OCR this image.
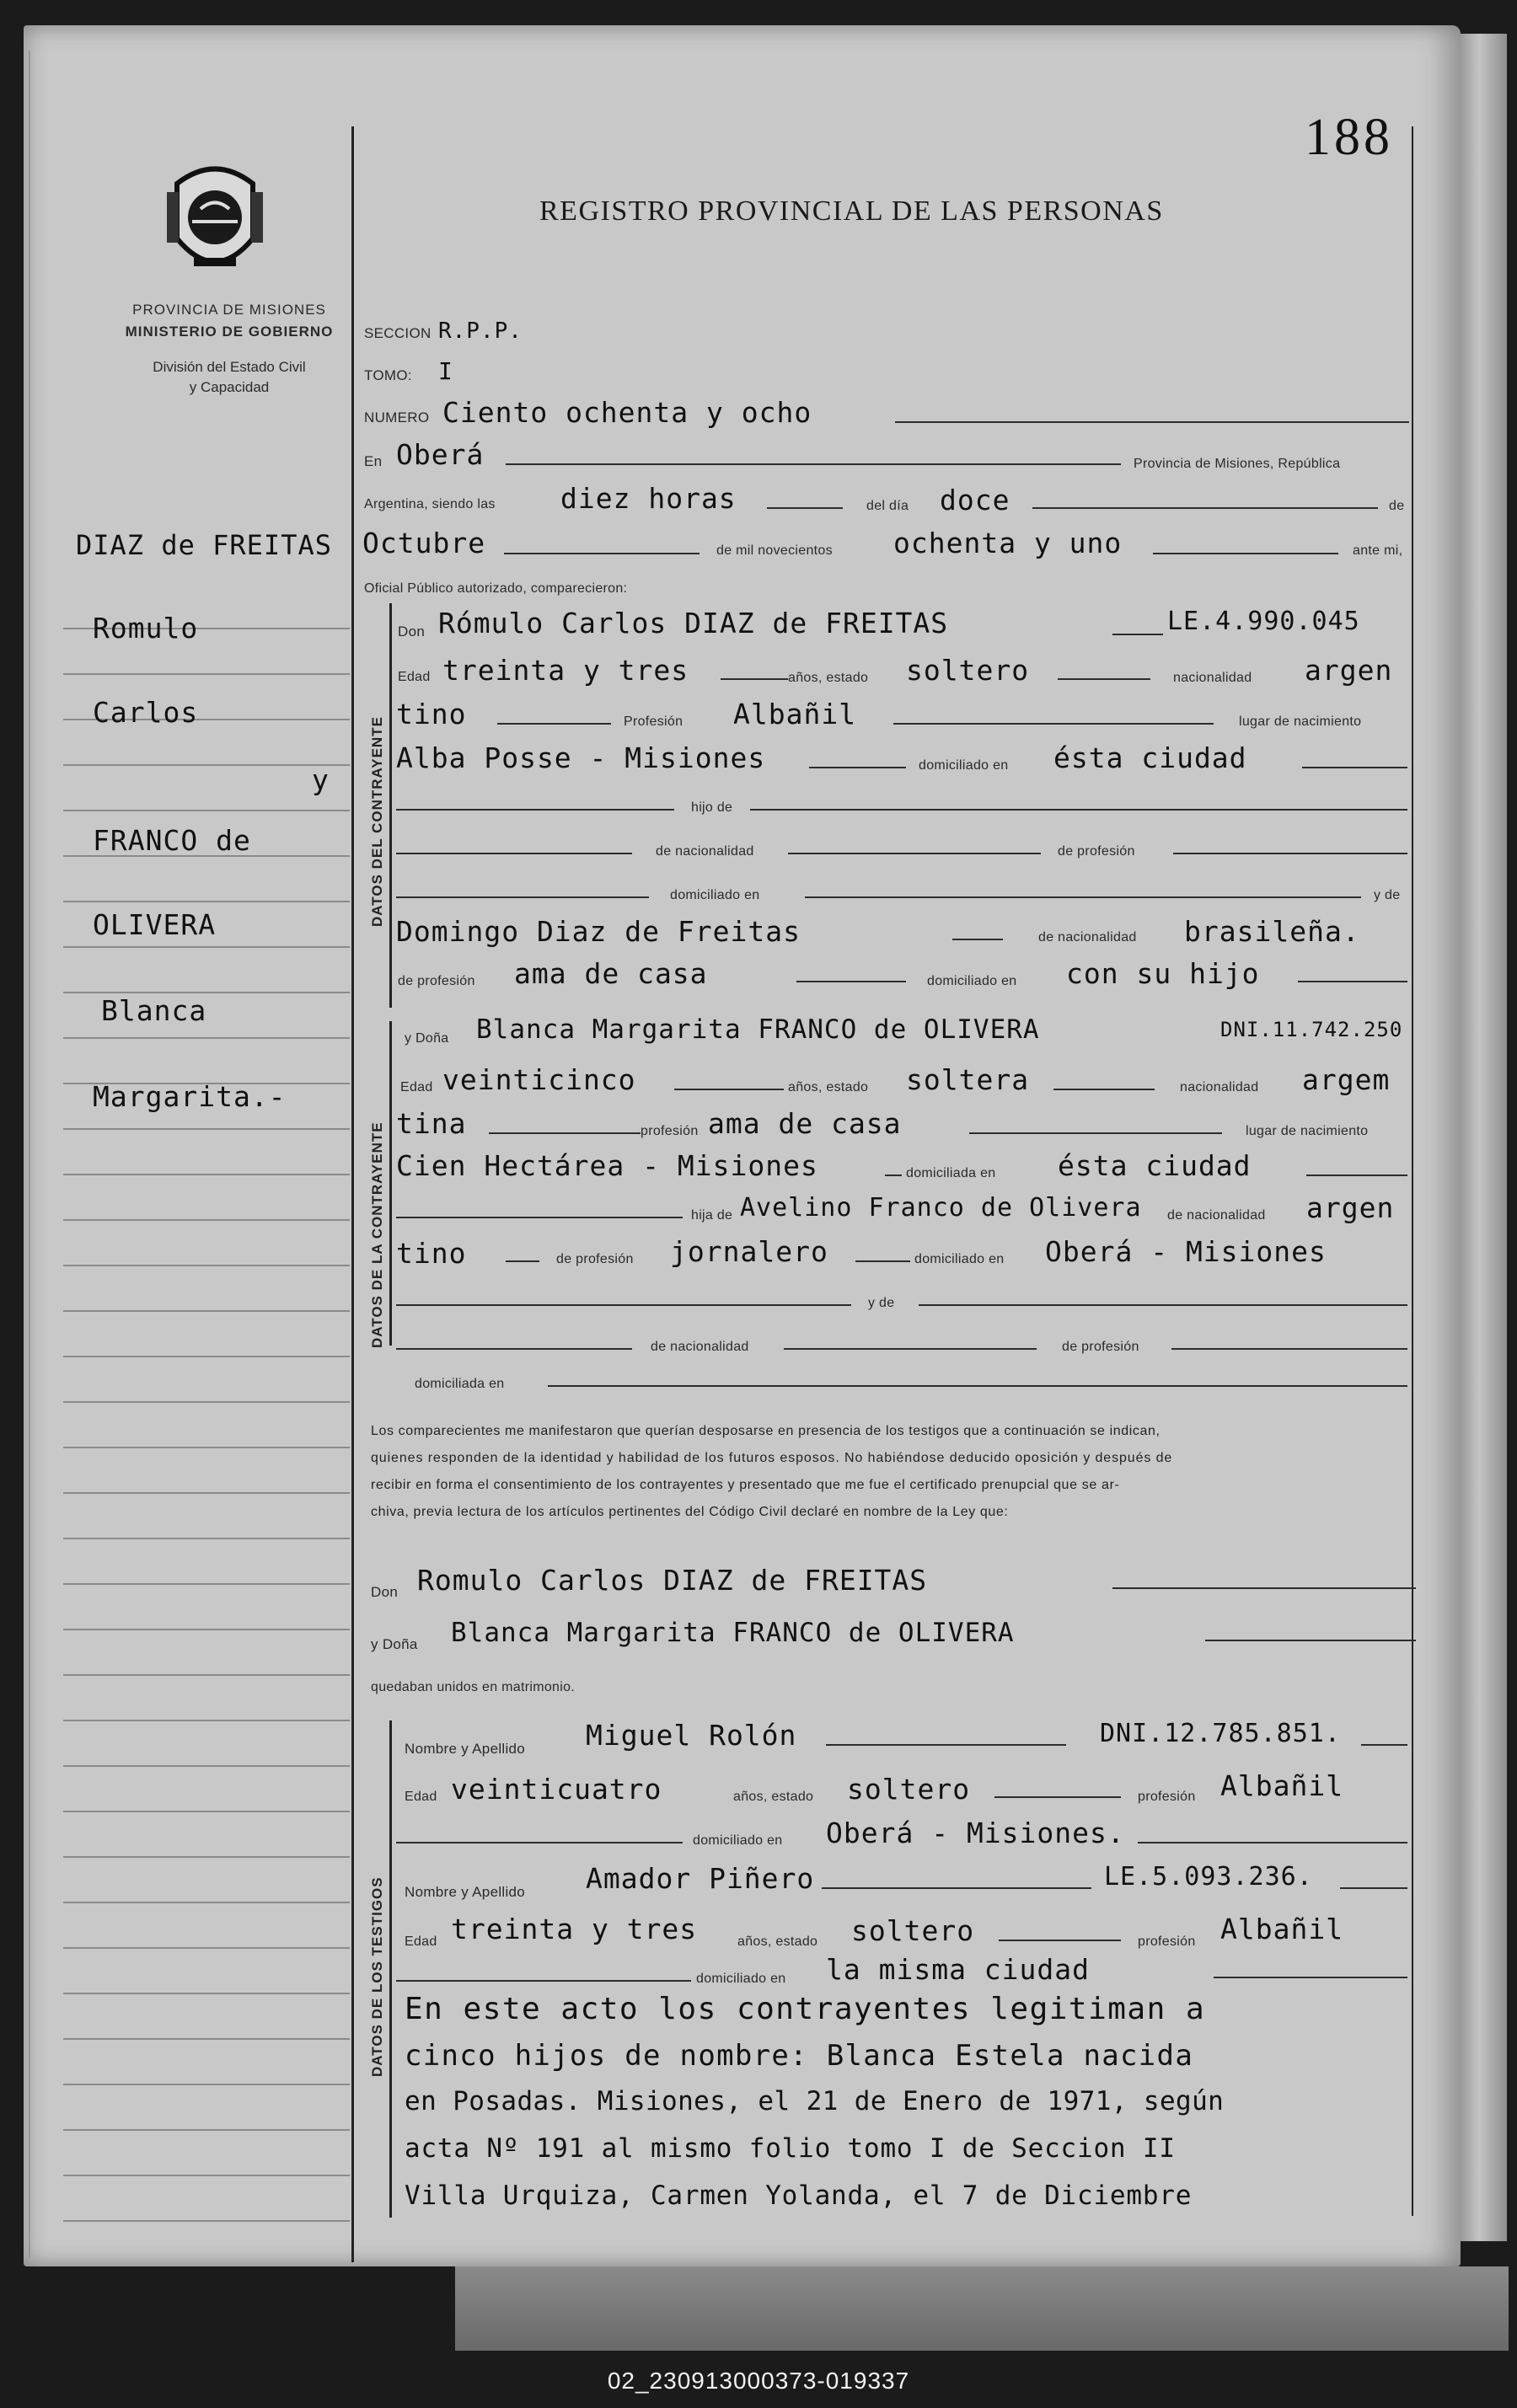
188
REGISTRO PROVINCIAL DE LAS PERSONAS
PROVINCIA DE MISIONES
MINISTERIO DE GOBIERNO
División del Estado Civil
y Capacidad
DIAZ de FREITAS
Romulo
Carlos
y
FRANCO de
OLIVERA
Blanca
Margarita.-
SECCION R.P.P.
TOMO: I
NUMERO Ciento ochenta y ocho
En Oberá	Provincia de Misiones, República
Argentina, siendo las diez horas	del día doce	de
Octubre	de mil novecientos ochenta y uno	ante mi,
Oficial Público autorizado, comparecieron:
DATOS DEL CONTRAYENTE
Don Rómulo Carlos DIAZ de FREITAS	LE.4.990.045
Edad treinta y tres	años, estado soltero	nacionalidad argen
tino	Profesión Albañil	lugar de nacimiento
Alba Posse - Misiones	domiciliado en ésta ciudad
hijo de
de nacionalidad	de profesión
domiciliado en	y de
Domingo Diaz de Freitas	de nacionalidad brasileña.
de profesión ama de casa	domiciliado en con su hijo
DATOS DE LA CONTRAYENTE
y Doña Blanca Margarita FRANCO de OLIVERA	DNI.11.742.250
Edad veinticinco	años, estado soltera	nacionalidad argem
tina	profesión ama de casa	lugar de nacimiento
Cien Hectárea - Misiones	domiciliada en ésta ciudad
hija de Avelino Franco de Olivera de nacionalidad argen
tino	de profesión jornalero	domiciliado en Oberá - Misiones
y de
de nacionalidad	de profesión
domiciliada en
Los comparecientes me manifestaron que querían desposarse en presencia de los testigos que a continuación se indican,
quienes responden de la identidad y habilidad de los futuros esposos. No habiéndose deducido oposición y después de
recibir en forma el consentimiento de los contrayentes y presentado que me fue el certificado prenupcial que se ar-
chiva, previa lectura de los artículos pertinentes del Código Civil declaré en nombre de la Ley que:
Don Romulo Carlos DIAZ de FREITAS
y Doña Blanca Margarita FRANCO de OLIVERA
quedaban unidos en matrimonio.
DATOS DE LOS TESTIGOS
Nombre y Apellido Miguel Rolón	DNI.12.785.851.
Edad veinticuatro	años, estado soltero	profesión Albañil
domiciliado en Oberá - Misiones.
Nombre y Apellido Amador Piñero	LE.5.093.236.
Edad treinta y tres	años, estado soltero	profesión Albañil
domiciliado en la misma ciudad
En este acto los contrayentes legitiman a
cinco hijos de nombre: Blanca Estela nacida
en Posadas. Misiones, el 21 de Enero de 1971, según
acta Nº 191 al mismo folio tomo I de Seccion II
Villa Urquiza, Carmen Yolanda, el 7 de Diciembre
02_230913000373-019337
